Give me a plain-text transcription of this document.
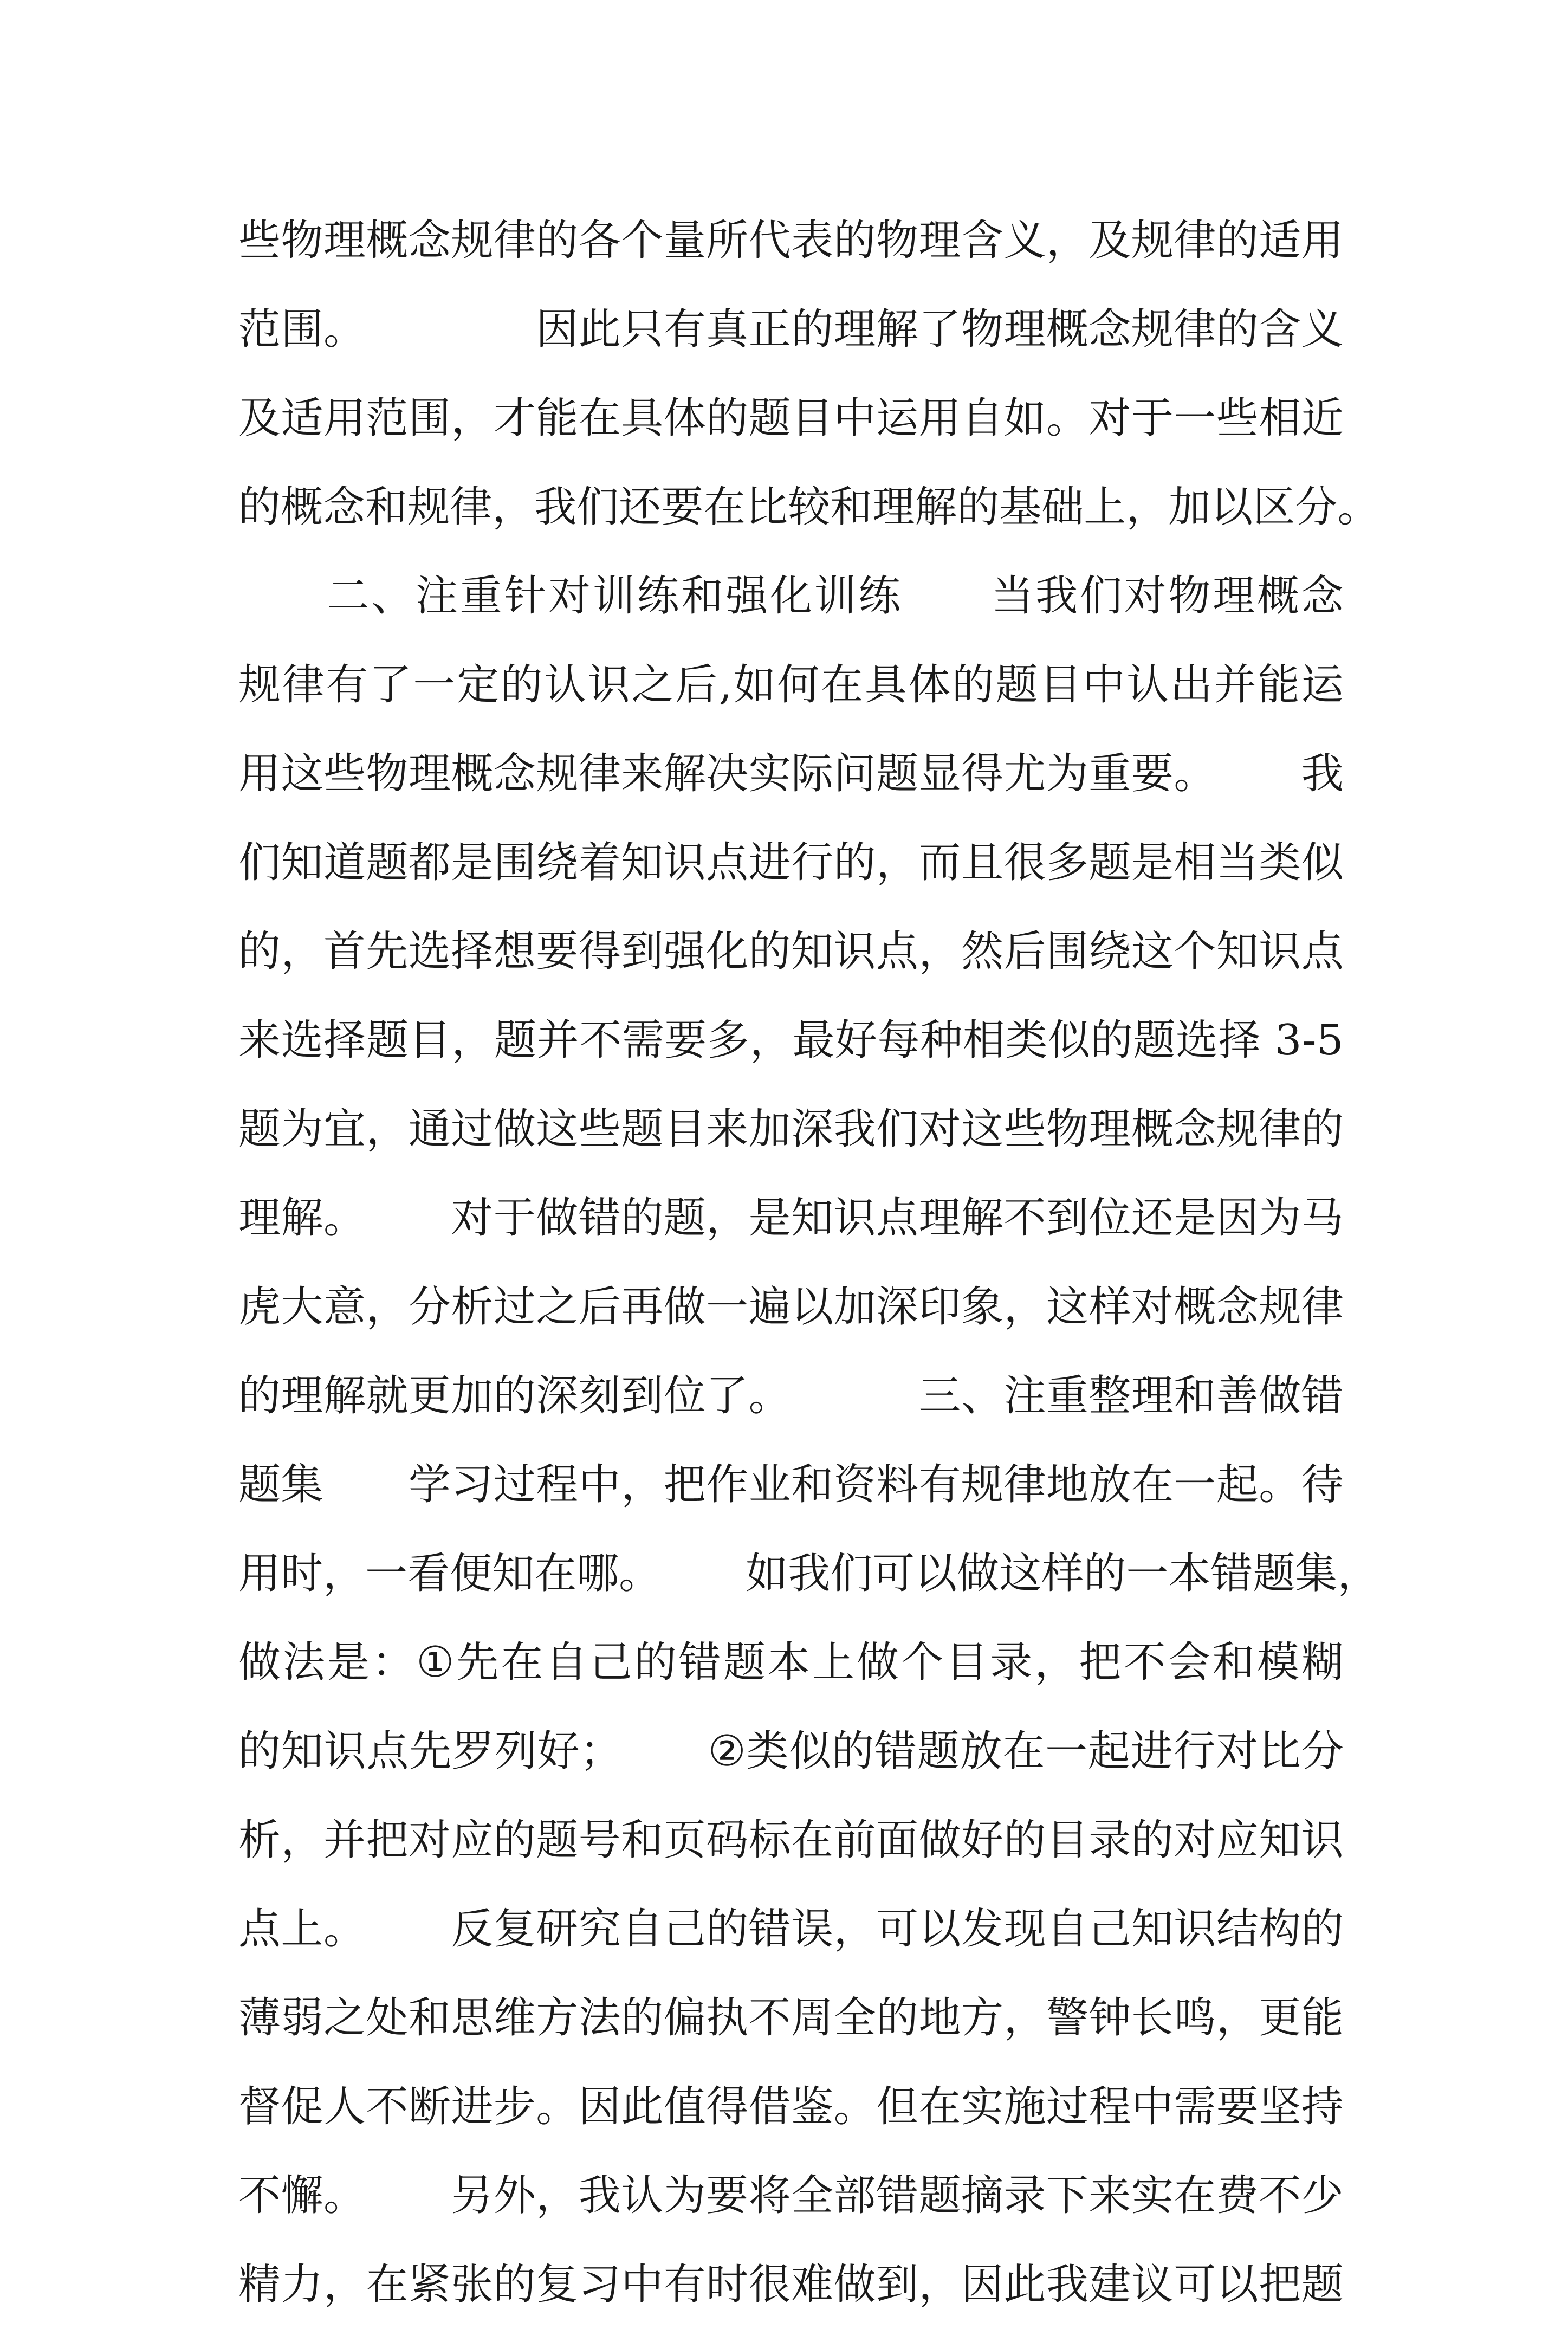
些 物 理 概 念 规 律 的 各 个 量 所 代 表 的 物 理 含 义 ， 及 规 律 的 适 用
范 围 。

　	因 此 只 有 真 正 的 理 解 了 物 理 概 念 规 律 的 含 义
及 适 用 范 围 ， 才 能 在 具 体 的 题 目 中 运 用 自 如 。 对 于 一 些 相 近
的 概 念 和 规 律 ， 我 们 还 要 在 比 较 和 理 解 的 基 础 上 ， 加 以 区 分 。

二 、 注 重 针 对 训 练 和 强 化 训 练

　 当 我 们 对 物 理 概 念
规 律 有 了 一 定 的 认 识 之 后 , 如 何 在 具 体 的 题 目 中 认 出 并 能 运
用 这 些 物 理 概 念 规 律 来 解 决 实 际 问 题 显 得 尤 为 重 要 。

　 我
们 知 道 题 都 是 围 绕 着 知 识 点 进 行 的 ， 而 且 很 多 题 是 相 当 类 似
的 ， 首 先 选 择 想 要 得 到 强 化 的 知 识 点 ， 然 后 围 绕 这 个 知 识 点
来 选 择 题 目 ， 题 并 不 需 要 多 ， 最 好 每 种 相 类 似 的 题 选 择
3 - 5
题 为 宜 ， 通 过 做 这 些 题 目 来 加 深 我 们 对 这 些 物 理 概 念 规 律 的
理 解 。

　 对 于 做 错 的 题 ， 是 知 识 点 理 解 不 到 位 还 是 因 为 马
虎 大 意 ， 分 析 过 之 后 再 做 一 遍 以 加 深 印 象 ， 这 样 对 概 念 规 律
的 理 解 就 更 加 的 深 刻 到 位 了 。

　	三 、 注 重 整 理 和 善 做 错
题 集

　 学 习 过 程 中 ， 把 作 业 和 资 料 有 规 律 地 放 在 一 起 。 待
用 时 ， 一 看 便 知 在 哪 。

　 如 我 们 可 以 做 这 样 的 一 本 错 题 集 ，
做 法 是 ： ① 先 在 自 己 的 错 题 本 上 做 个 目 录 ， 把 不 会 和 模 糊
的 知 识 点 先 罗 列 好 ；

　 ② 类 似 的 错 题 放 在 一 起 进 行 对 比 分
析 ， 并 把 对 应 的 题 号 和 页 码 标 在 前 面 做 好 的 目 录 的 对 应 知 识
点 上 。

　 反 复 研 究 自 己 的 错 误 ， 可 以 发 现 自 己 知 识 结 构 的
薄 弱 之 处 和 思 维 方 法 的 偏 执 不 周 全 的 地 方 ， 警 钟 长 鸣 ， 更 能
督 促 人 不 断 进 步 。 因 此 值 得 借 鉴 。 但 在 实 施 过 程 中 需 要 坚 持
不 懈 。

　 另 外 ， 我 认 为 要 将 全 部 错 题 摘 录 下 来 实 在 费 不 少
精 力 ， 在 紧 张 的 复 习 中 有 时 很 难 做 到 ， 因 此 我 建 议 可 以 把 题
